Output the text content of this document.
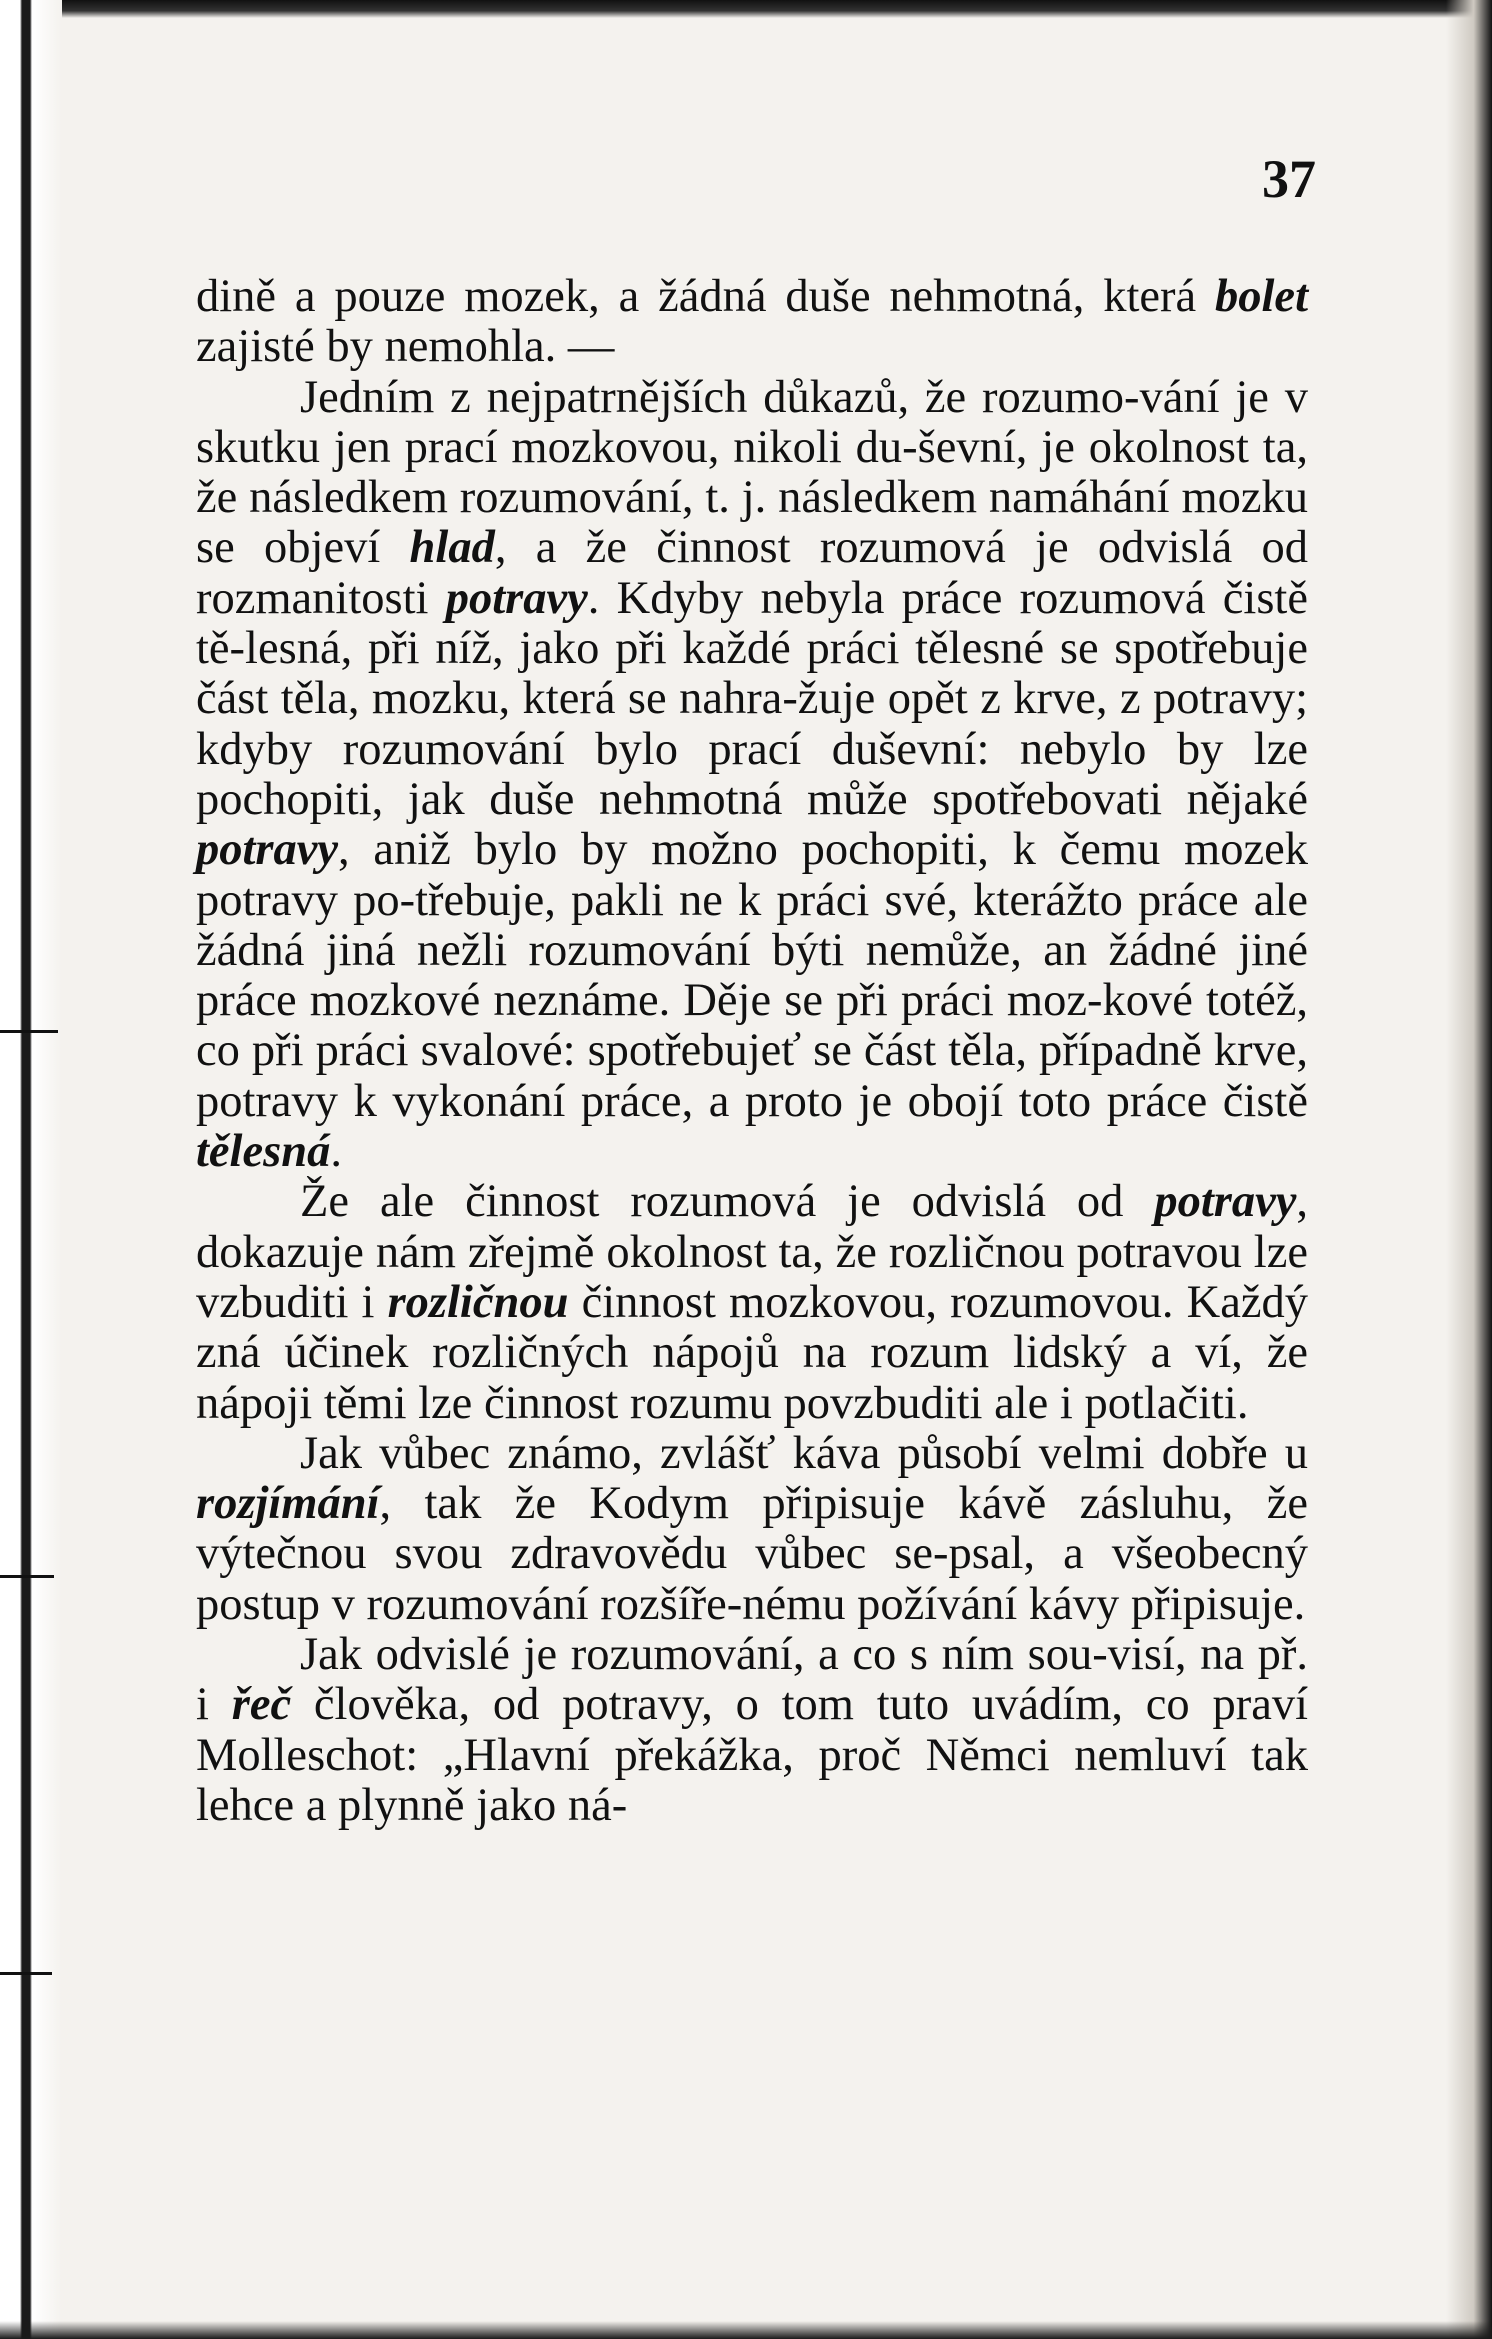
37

dině a pouze mozek, a žádná duše nehmotná, která bolet zajisté by nemohla. —

Jedním z nejpatrnějších důkazů, že rozumo-vání je v skutku jen prací mozkovou, nikoli du-ševní, je okolnost ta, že následkem rozumování, t. j. následkem namáhání mozku se objeví hlad, a že činnost rozumová je odvislá od rozmanitosti potravy. Kdyby nebyla práce rozumová čistě tě-lesná, při níž, jako při každé práci tělesné se spotřebuje část těla, mozku, která se nahra-žuje opět z krve, z potravy; kdyby rozumování bylo prací duševní: nebylo by lze pochopiti, jak duše nehmotná může spotřebovati nějaké potravy, aniž bylo by možno pochopiti, k čemu mozek potravy po-třebuje, pakli ne k práci své, kterážto práce ale žádná jiná nežli rozumování býti nemůže, an žádné jiné práce mozkové neznáme. Děje se při práci moz-kové totéž, co při práci svalové: spotřebujeť se část těla, případně krve, potravy k vykonání práce, a proto je obojí toto práce čistě tělesná.

Že ale činnost rozumová je odvislá od potravy, dokazuje nám zřejmě okolnost ta, že rozličnou potravou lze vzbuditi i rozličnou činnost mozkovou, rozumovou. Každý zná účinek rozličných nápojů na rozum lidský a ví, že nápoji těmi lze činnost rozumu povzbuditi ale i potlačiti.

Jak vůbec známo, zvlášť káva působí velmi dobře u rozjímání, tak že Kodym připisuje kávě zásluhu, že výtečnou svou zdravovědu vůbec se-psal, a všeobecný postup v rozumování rozšíře-nému požívání kávy připisuje.

Jak odvislé je rozumování, a co s ním sou-visí, na př. i řeč člověka, od potravy, o tom tuto uvádím, co praví Molleschot: „Hlavní překážka, proč Němci nemluví tak lehce a plynně jako ná-
